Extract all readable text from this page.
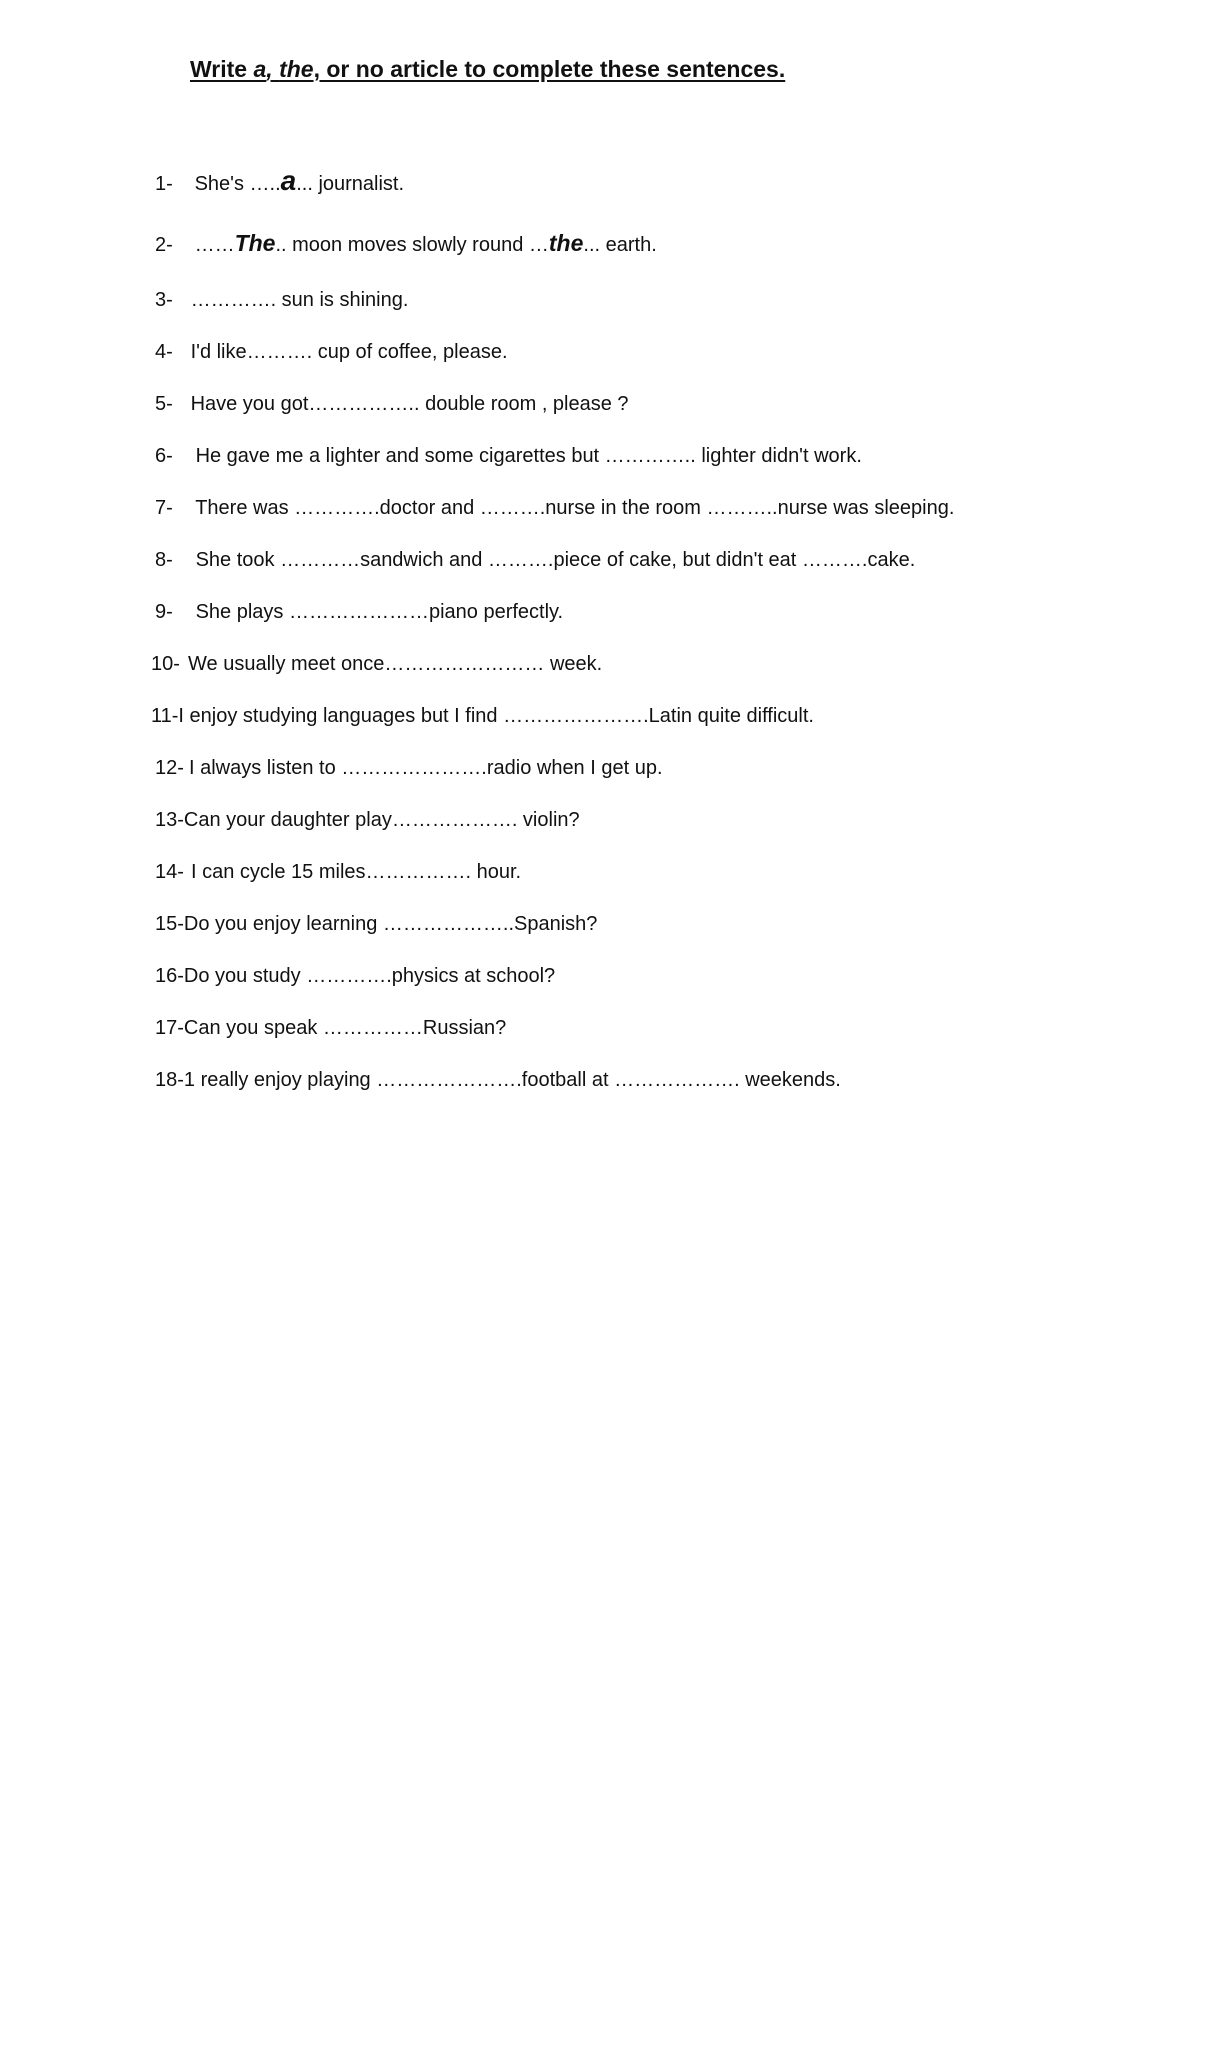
Write a, the, or no article to complete these sentences.
1- She's …..a... journalist.
2- ……The.. moon moves slowly round …the... earth.
3- …………. sun is shining.
4- I'd like………. cup of coffee, please.
5- Have you got…………….. double room , please ?
6- He gave me a lighter and some cigarettes but ………….. lighter didn't work.
7- There was ………….doctor and ……….nurse in the room ………..nurse was sleeping.
8- She took …………sandwich and ……….piece of cake, but didn't eat ……….cake.
9- She plays …………………piano perfectly.
10- We usually meet once…………………… week.
11-I enjoy studying languages but I find ………………….Latin quite difficult.
12- I always listen to ………………….radio when I get up.
13-Can your daughter play………………. violin?
14- I can cycle 15 miles……………. hour.
15-Do you enjoy learning ………………..Spanish?
16-Do you study ………….physics at school?
17-Can you speak ……………Russian?
18-1 really enjoy playing ………………….football at ………………. weekends.
